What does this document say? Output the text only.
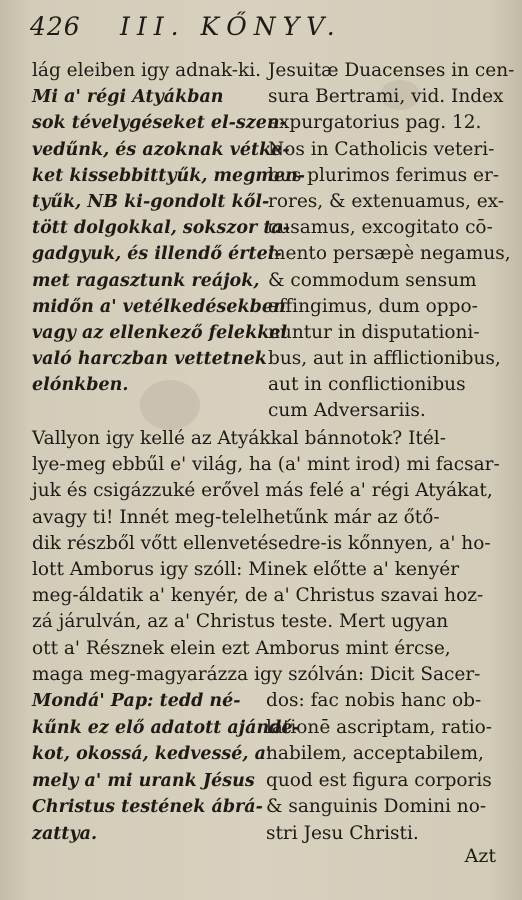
426 III. KŐNYV.
lág eleiben igy adnak-ki.
Mi a' régi Atyákban
sok tévelygéseket el-szen-
vedűnk, és azoknak vétke-
ket kissebbittyűk, megmen-
tyűk, NB ki-gondolt kől-
tött dolgokkal, sokszor ta-
gadgyuk, és illendő értel-
met ragasztunk reájok,
midőn a' vetélkedésekben
vagy az ellenkező felekkel
való harczban vettetnek
elónkben.
Jesuitæ Duacenses in cen-
sura Bertrami, vid. Index
expurgatorius pag. 12.
Nos in Catholicis veteri-
bus plurimos ferimus er-
rores, & extenuamus, ex-
cusamus, excogitato cō-
mento persæpè negamus,
& commodum sensum
affingimus, dum oppo-
nuntur in disputationi-
bus, aut in afflictionibus,
aut in conflictionibus
cum Adversariis.
Vallyon igy kellé az Atyákkal bánnotok? Itél-
lye-meg ebbűl e' világ, ha (a' mint irod) mi facsar-
juk és csigázzuké erővel más felé a' régi Atyákat,
avagy ti! Innét meg-telelhetűnk már az őtő-
dik részből vőtt ellenvetésedre-is kőnnyen, a' ho-
lott Amborus igy szóll: Minek előtte a' kenyér
meg-áldatik a' kenyér, de a' Christus szavai hoz-
zá járulván, az a' Christus teste. Mert ugyan
ott a' Résznek elein ezt Amborus mint ércse,
maga meg-magyarázza igy szólván: Dicit Sacer-
Mondá' Pap: tedd né-
kűnk ez elő adatott ajándé-
kot, okossá, kedvessé, a'
mely a' mi urank Jésus
Christus testének ábrá-
zattya.
dos: fac nobis hanc ob-
lationē ascriptam, ratio-
nabilem, acceptabilem,
quod est figura corporis
& sanguinis Domini no-
stri Jesu Christi.
Azt
